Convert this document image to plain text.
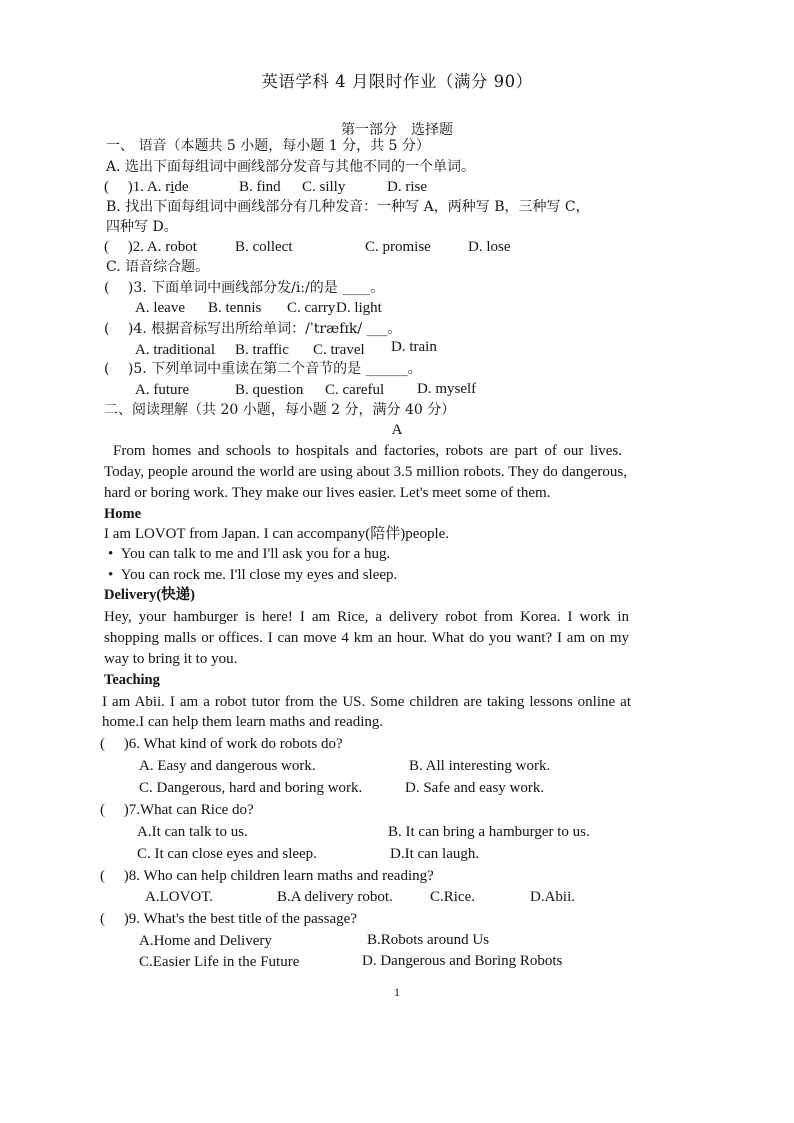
英语学科 4 月限时作业（满分 90）
第一部分　选择题
一、 语音（本题共 5 小题，每小题 1 分，共 5 分）
A. 选出下面每组词中画线部分发音与其他不同的一个单词。
(　 )1. A. ride	B. find C. silly	D. rise
B. 找出下面每组词中画线部分有几种发音：一种写 A，两种写 B，三种写 C，
四种写 D。
(　 )2. A. robot	B. collect	C. promise D. lose
C. 语音综合题。
(　 )3. 下面单词中画线部分发/iː/的是 ____。
A. leave B. tennis C. carry D. light
(　 )4. 根据音标写出所给单词：/ˈtræfɪk/ ___。
A. traditional B. traffic C. travel D. train
(　 )5. 下列单词中重读在第二个音节的是 ______。
A. future	B. question C. careful D. myself
二、阅读理解（共 20 小题，每小题 2 分，满分 40 分）
A
From homes and schools to hospitals and factories, robots are part of our lives.
Today, people around the world are using about 3.5 million robots. They do dangerous,
hard or boring work. They make our lives easier. Let's meet some of them.
Home
I am LOVOT from Japan. I can accompany(陪伴)people.
•  You can talk to me and I'll ask you for a hug.
•  You can rock me. I'll close my eyes and sleep.
Delivery(快递)
Hey, your hamburger is here! I am Rice, a delivery robot from Korea. I work in
shopping malls or offices. I can move 4 km an hour. What do you want? I am on my
way to bring it to you.
Teaching
I am Abii. I am a robot tutor from the US. Some children are taking lessons online at
home.I can help them learn maths and reading.
(　 )6. What kind of work do robots do?
A. Easy and dangerous work.	B. All interesting work.
C. Dangerous, hard and boring work.	D. Safe and easy work.
(　 )7.What can Rice do?
A.It can talk to us.	B. It can bring a hamburger to us.
C. It can close eyes and sleep.	D.It can laugh.
(　 )8. Who can help children learn maths and reading?
A.LOVOT.	B.A delivery robot. C.Rice.	D.Abii.
(　 )9. What's the best title of the passage?
A.Home and Delivery	B.Robots around Us
C.Easier Life in the Future	D. Dangerous and Boring Robots
1
